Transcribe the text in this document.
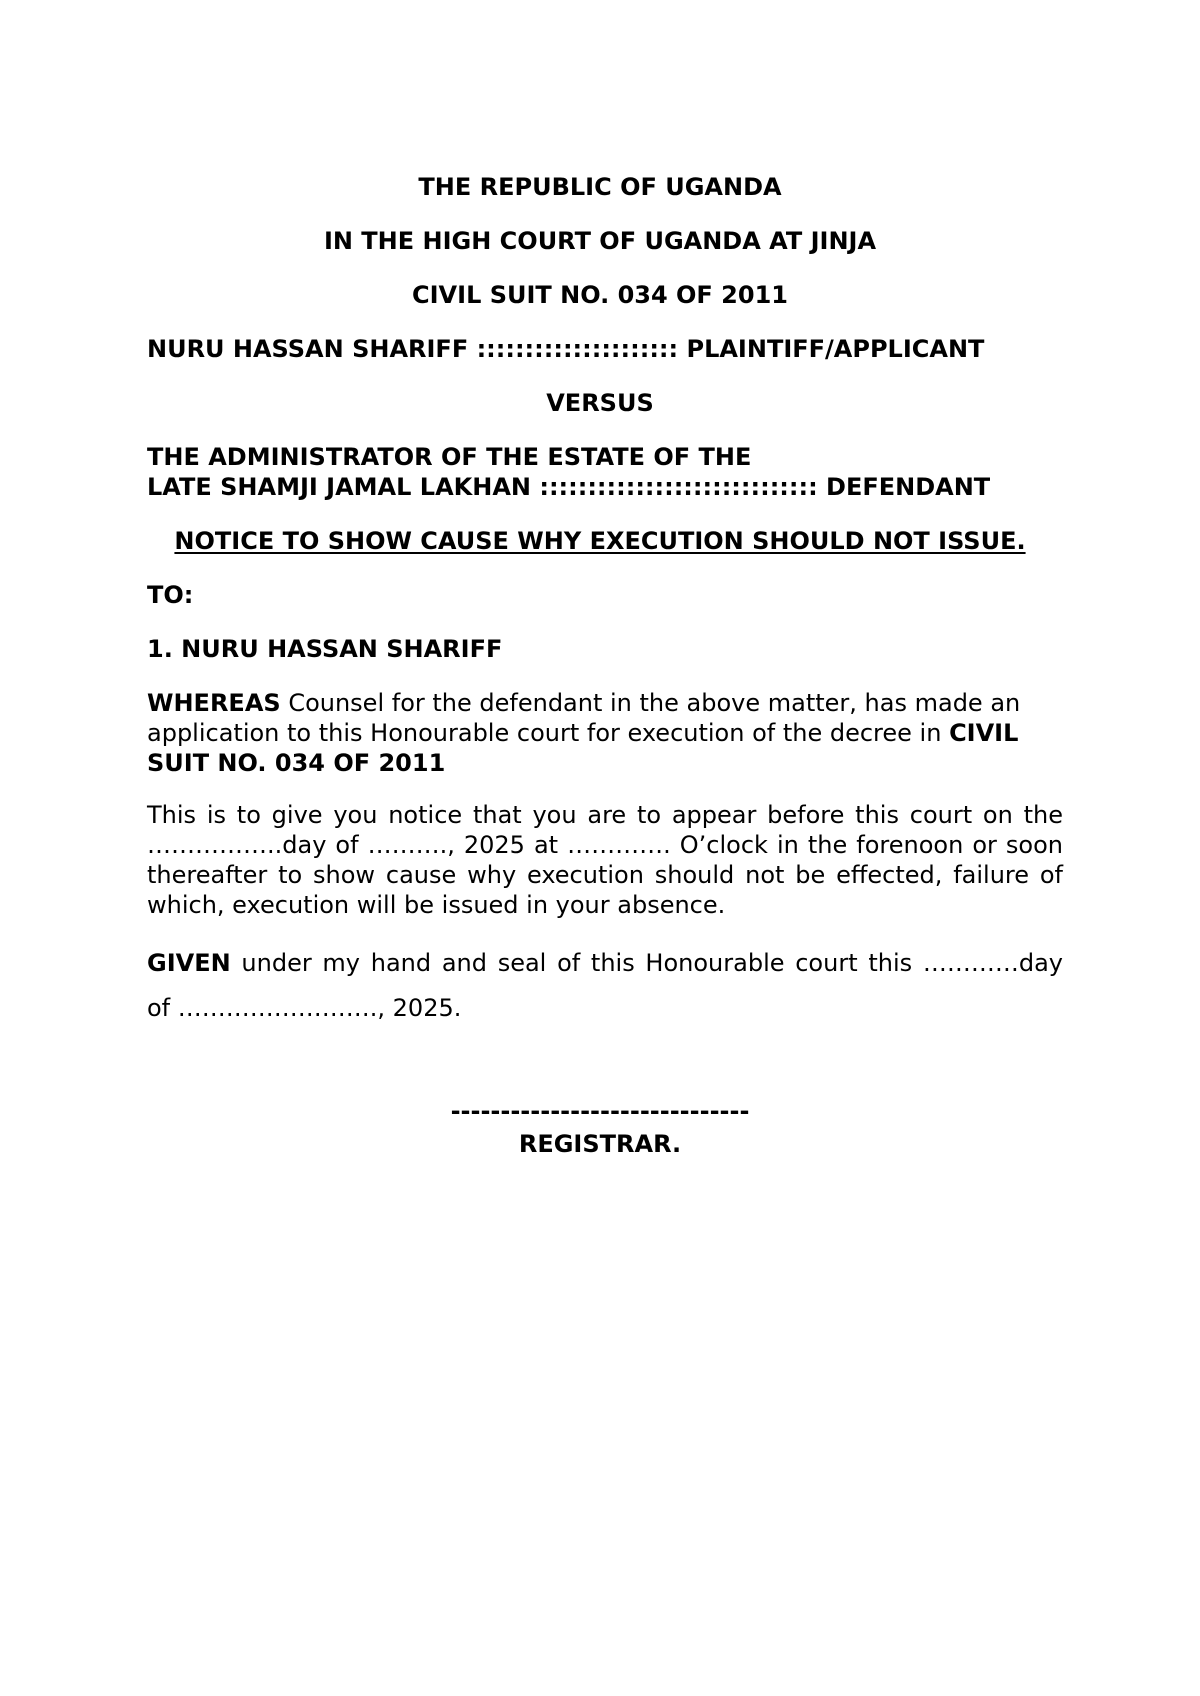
THE REPUBLIC OF UGANDA
IN THE HIGH COURT OF UGANDA AT JINJA
CIVIL SUIT NO. 034 OF 2011
NURU HASSAN SHARIFF ::::::::::::::::::::: PLAINTIFF/APPLICANT
VERSUS
THE ADMINISTRATOR OF THE ESTATE OF THE
LATE SHAMJI JAMAL LAKHAN ::::::::::::::::::::::::::::: DEFENDANT
NOTICE TO SHOW CAUSE WHY EXECUTION SHOULD NOT ISSUE.
TO:
1. NURU HASSAN SHARIFF
WHEREAS Counsel for the defendant in the above matter, has made an
application to this Honourable court for execution of the decree in CIVIL
SUIT NO. 034 OF 2011
This is to give you notice that you are to appear before this court on the
……………..day of ………., 2025 at …………. O’clock in the forenoon or soon
thereafter to show cause why execution should not be effected, failure of
which, execution will be issued in your absence.
GIVEN under my hand and seal of this Honourable court this …………day
of ……………………., 2025.
------------------------------
REGISTRAR.
